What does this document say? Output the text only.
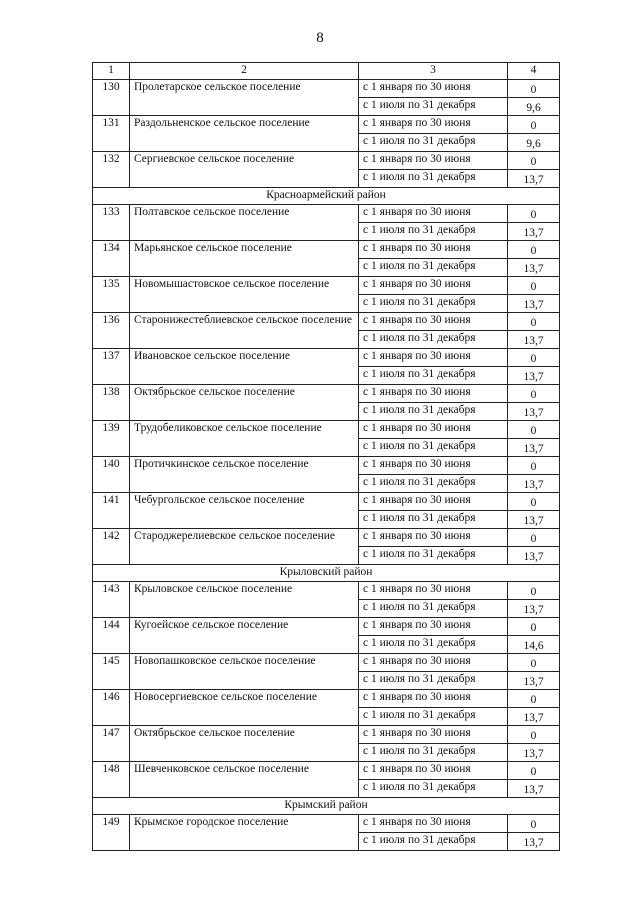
8
1	2	3	4
130	Пролетарское сельское поселение	с 1 января по 30 июня	0
		с 1 июля по 31 декабря	9,6
131	Раздольненское сельское поселение	с 1 января по 30 июня	0
		с 1 июля по 31 декабря	9,6
132	Сергиевское сельское поселение	с 1 января по 30 июня	0
		с 1 июля по 31 декабря	13,7
Красноармейский район			
133	Полтавское сельское поселение	с 1 января по 30 июня	0
		с 1 июля по 31 декабря	13,7
134	Марьянское сельское поселение	с 1 января по 30 июня	0
		с 1 июля по 31 декабря	13,7
135	Новомышастовское сельское поселение	с 1 января по 30 июня	0
		с 1 июля по 31 декабря	13,7
136	Старонижестеблиевское сельское поселение	с 1 января по 30 июня	0
		с 1 июля по 31 декабря	13,7
137	Ивановское сельское поселение	с 1 января по 30 июня	0
		с 1 июля по 31 декабря	13,7
138	Октябрьское сельское поселение	с 1 января по 30 июня	0
		с 1 июля по 31 декабря	13,7
139	Трудобеликовское сельское поселение	с 1 января по 30 июня	0
		с 1 июля по 31 декабря	13,7
140	Протичкинское сельское поселение	с 1 января по 30 июня	0
		с 1 июля по 31 декабря	13,7
141	Чебургольское сельское поселение	с 1 января по 30 июня	0
		с 1 июля по 31 декабря	13,7
142	Староджерелиевское сельское поселение	с 1 января по 30 июня	0
		с 1 июля по 31 декабря	13,7
Крыловский район			
143	Крыловское сельское поселение	с 1 января по 30 июня	0
		с 1 июля по 31 декабря	13,7
144	Кугоейское сельское поселение	с 1 января по 30 июня	0
		с 1 июля по 31 декабря	14,6
145	Новопашковское сельское поселение	с 1 января по 30 июня	0
		с 1 июля по 31 декабря	13,7
146	Новосергиевское сельское поселение	с 1 января по 30 июня	0
		с 1 июля по 31 декабря	13,7
147	Октябрьское сельское поселение	с 1 января по 30 июня	0
		с 1 июля по 31 декабря	13,7
148	Шевченковское сельское поселение	с 1 января по 30 июня	0
		с 1 июля по 31 декабря	13,7
Крымский район			
149	Крымское городское поселение	с 1 января по 30 июня	0
		с 1 июля по 31 декабря	13,7
